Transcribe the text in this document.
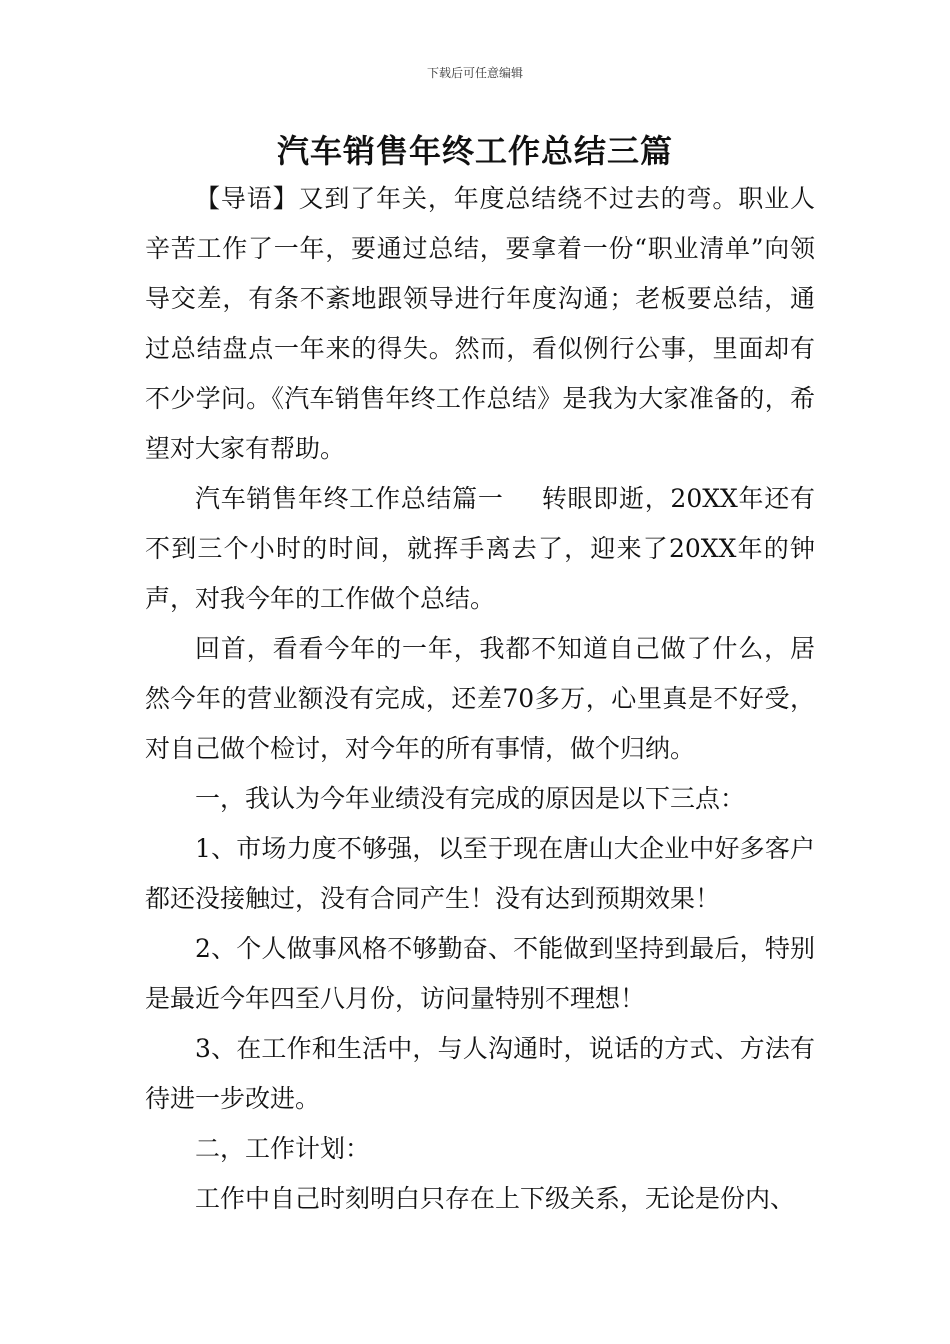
下载后可任意编辑
汽车销售年终工作总结三篇

【导语】又到了年关，年度总结绕不过去的弯。职业人辛苦工作了一年，要通过总结，要拿着一份“职业清单”向领导交差，有条不紊地跟领导进行年度沟通；老板要总结，通过总结盘点一年来的得失。然而，看似例行公事，里面却有不少学问。《汽车销售年终工作总结》是我为大家准备的，希望对大家有帮助。

汽车销售年终工作总结篇一 转眼即逝，20XX年还有不到三个小时的时间，就挥手离去了，迎来了20XX年的钟声，对我今年的工作做个总结。

回首，看看今年的一年，我都不知道自己做了什么，居然今年的营业额没有完成，还差70多万，心里真是不好受，对自己做个检讨，对今年的所有事情，做个归纳。

一，我认为今年业绩没有完成的原因是以下三点：

1、市场力度不够强，以至于现在唐山大企业中好多客户都还没接触过，没有合同产生！没有达到预期效果！

2、个人做事风格不够勤奋、不能做到坚持到最后，特别是最近今年四至八月份，访问量特别不理想！

3、在工作和生活中，与人沟通时，说话的方式、方法有待进一步改进。

二，工作计划：

工作中自己时刻明白只存在上下级关系，无论是份内、
